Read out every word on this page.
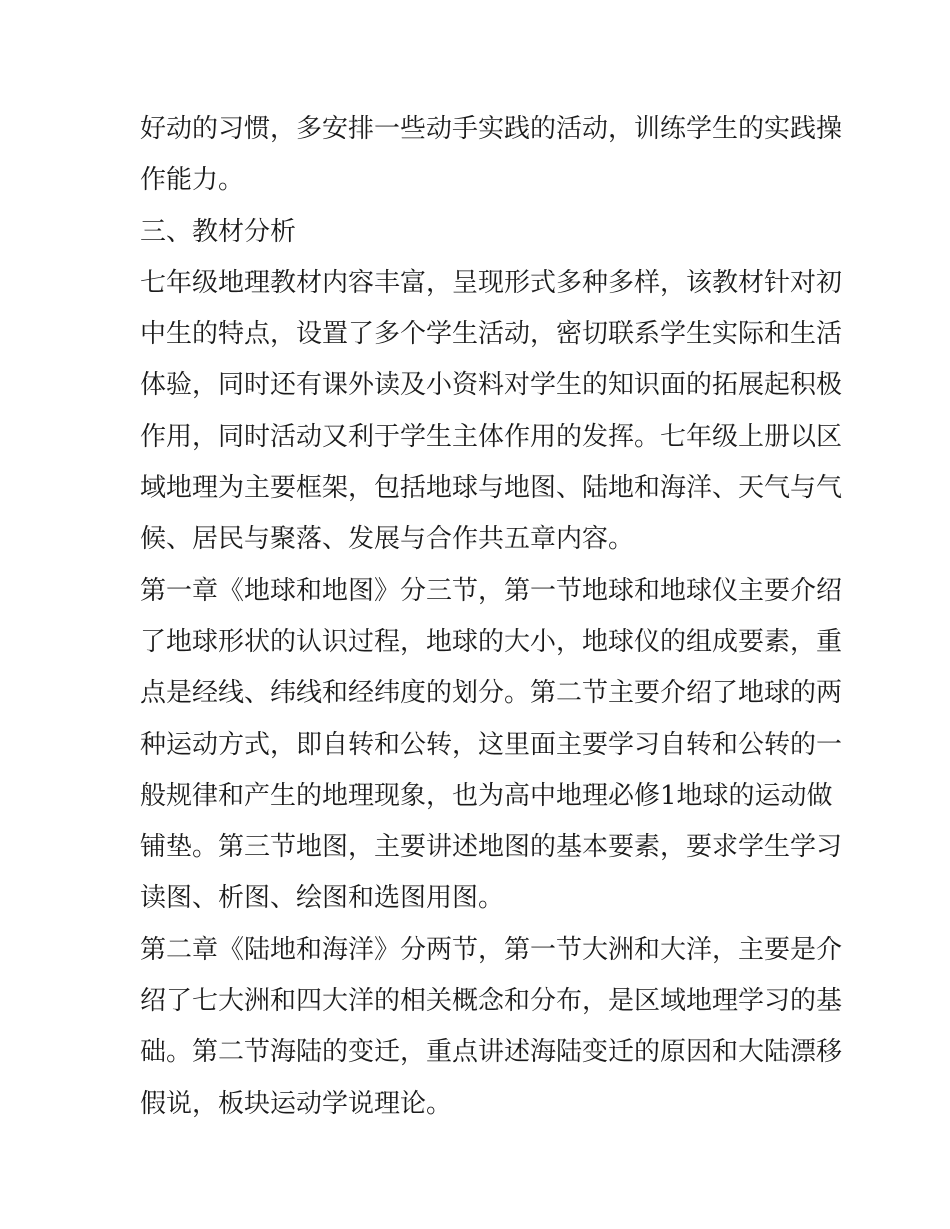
好动的习惯，多安排一些动手实践的活动，训练学生的实践操
作能力。
三、教材分析
七年级地理教材内容丰富，呈现形式多种多样，该教材针对初
中生的特点，设置了多个学生活动，密切联系学生实际和生活
体验，同时还有课外读及小资料对学生的知识面的拓展起积极
作用，同时活动又利于学生主体作用的发挥。七年级上册以区
域地理为主要框架，包括地球与地图、陆地和海洋、天气与气
候、居民与聚落、发展与合作共五章内容。
第一章《地球和地图》分三节，第一节地球和地球仪主要介绍
了地球形状的认识过程，地球的大小，地球仪的组成要素，重
点是经线、纬线和经纬度的划分。第二节主要介绍了地球的两
种运动方式，即自转和公转，这里面主要学习自转和公转的一
般规律和产生的地理现象，也为高中地理必修1地球的运动做
铺垫。第三节地图，主要讲述地图的基本要素，要求学生学习
读图、析图、绘图和选图用图。
第二章《陆地和海洋》分两节，第一节大洲和大洋，主要是介
绍了七大洲和四大洋的相关概念和分布，是区域地理学习的基
础。第二节海陆的变迁，重点讲述海陆变迁的原因和大陆漂移
假说，板块运动学说理论。
